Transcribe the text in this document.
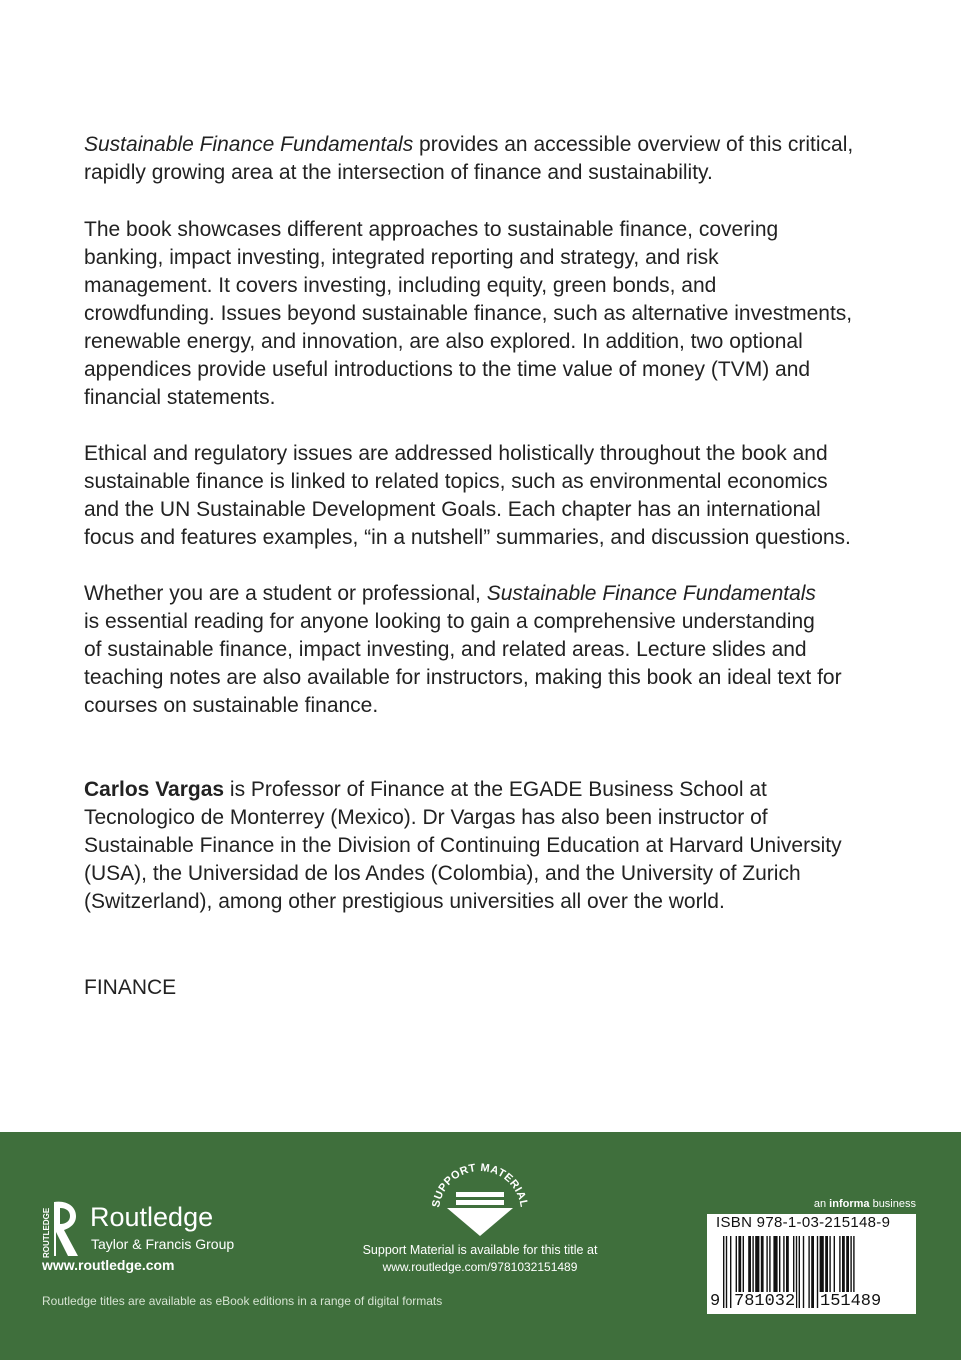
Sustainable Finance Fundamentals provides an accessible overview of this critical,
rapidly growing area at the intersection of finance and sustainability.
The book showcases different approaches to sustainable finance, covering
banking, impact investing, integrated reporting and strategy, and risk
management. It covers investing, including equity, green bonds, and
crowdfunding. Issues beyond sustainable finance, such as alternative investments,
renewable energy, and innovation, are also explored. In addition, two optional
appendices provide useful introductions to the time value of money (TVM) and
financial statements.
Ethical and regulatory issues are addressed holistically throughout the book and
sustainable finance is linked to related topics, such as environmental economics
and the UN Sustainable Development Goals. Each chapter has an international
focus and features examples, “in a nutshell” summaries, and discussion questions.
Whether you are a student or professional, Sustainable Finance Fundamentals
is essential reading for anyone looking to gain a comprehensive understanding
of sustainable finance, impact investing, and related areas. Lecture slides and
teaching notes are also available for instructors, making this book an ideal text for
courses on sustainable finance.
Carlos Vargas is Professor of Finance at the EGADE Business School at
Tecnologico de Monterrey (Mexico). Dr Vargas has also been instructor of
Sustainable Finance in the Division of Continuing Education at Harvard University
(USA), the Universidad de los Andes (Colombia), and the University of Zurich
(Switzerland), among other prestigious universities all over the world.
FINANCE
ROUTLEDGE Routledge
Taylor & Francis Group
www.routledge.com
Routledge titles are available as eBook editions in a range of digital formats
SUPPORT MATERIAL
Support Material is available for this title at
www.routledge.com/9781032151489
an informa business
ISBN 978-1-03-215148-9
9 781032 151489
